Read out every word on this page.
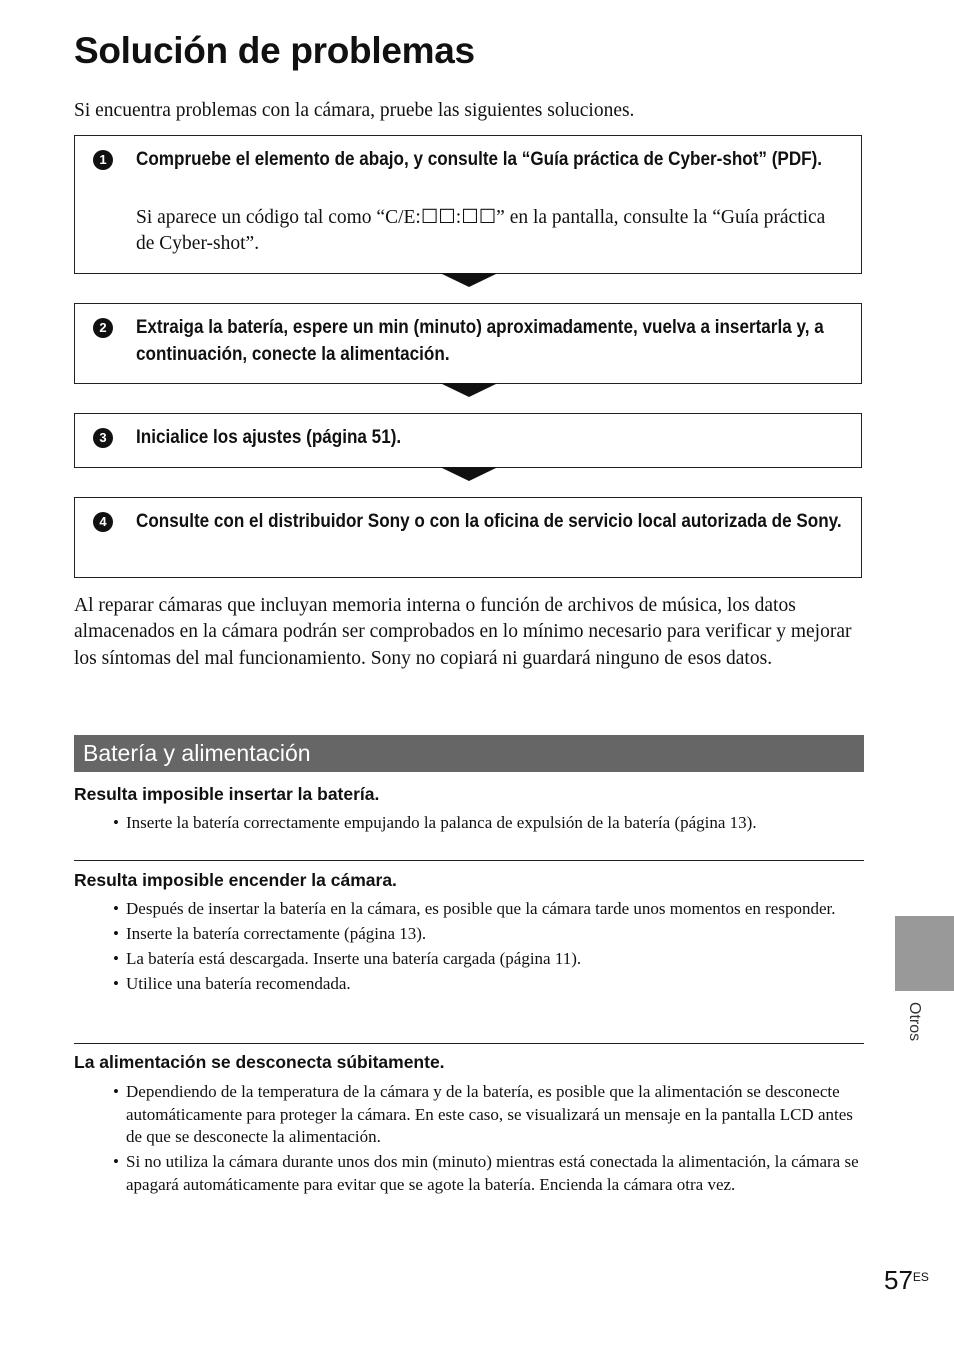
Solución de problemas
Si encuentra problemas con la cámara, pruebe las siguientes soluciones.
1	Compruebe el elemento de abajo, y consulte la “Guía práctica de Cyber-shot” (PDF).
Si aparece un código tal como “C/E:☐☐:☐☐” en la pantalla, consulte la “Guía práctica de Cyber-shot”.
2	Extraiga la batería, espere un min (minuto) aproximadamente, vuelva a insertarla y, a continuación, conecte la alimentación.
3	Inicialice los ajustes (página 51).
4	Consulte con el distribuidor Sony o con la oficina de servicio local autorizada de Sony.

Al reparar cámaras que incluyan memoria interna o función de archivos de música, los datos almacenados en la cámara podrán ser comprobados en lo mínimo necesario para verificar y mejorar los síntomas del mal funcionamiento. Sony no copiará ni guardará ninguno de esos datos.

Batería y alimentación
Resulta imposible insertar la batería.
• Inserte la batería correctamente empujando la palanca de expulsión de la batería (página 13).
Resulta imposible encender la cámara.
• Después de insertar la batería en la cámara, es posible que la cámara tarde unos momentos en responder.
• Inserte la batería correctamente (página 13).
• La batería está descargada. Inserte una batería cargada (página 11).
• Utilice una batería recomendada.
La alimentación se desconecta súbitamente.
• Dependiendo de la temperatura de la cámara y de la batería, es posible que la alimentación se desconecte automáticamente para proteger la cámara. En este caso, se visualizará un mensaje en la pantalla LCD antes de que se desconecte la alimentación.
• Si no utiliza la cámara durante unos dos min (minuto) mientras está conectada la alimentación, la cámara se apagará automáticamente para evitar que se agote la batería. Encienda la cámara otra vez.
Otros
$57^{ES}$
